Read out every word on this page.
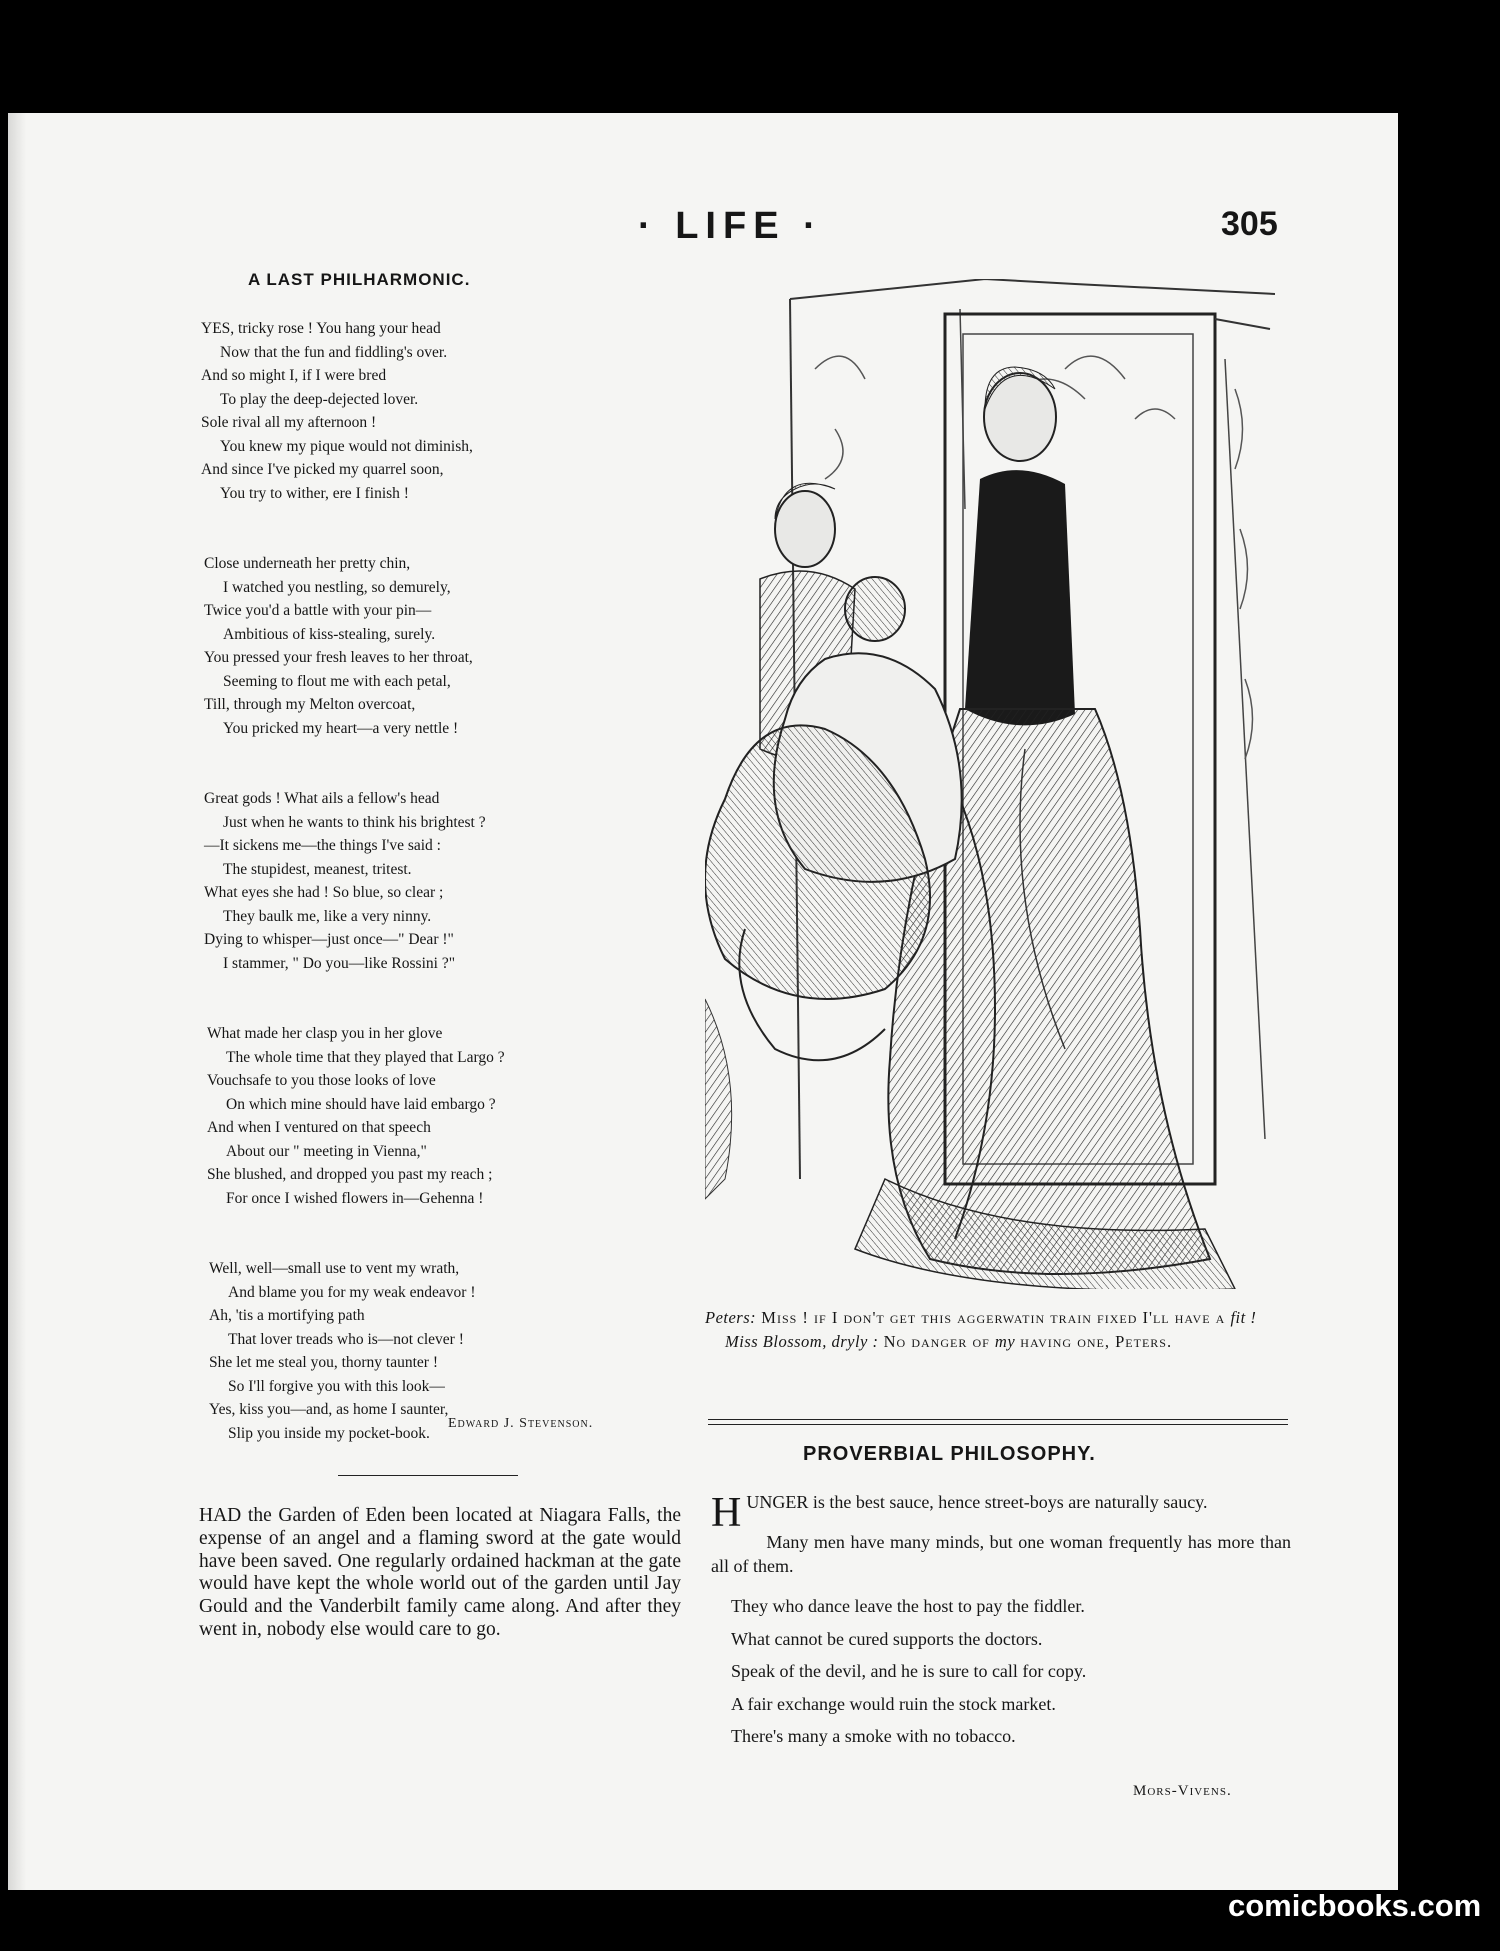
· LIFE ·	305
A LAST PHILHARMONIC.
YES, tricky rose ! You hang your head
Now that the fun and fiddling's over.
And so might I, if I were bred
To play the deep-dejected lover.
Sole rival all my afternoon !
You knew my pique would not diminish,
And since I've picked my quarrel soon,
You try to wither, ere I finish !
Close underneath her pretty chin,
I watched you nestling, so demurely,
Twice you'd a battle with your pin—
Ambitious of kiss-stealing, surely.
You pressed your fresh leaves to her throat,
Seeming to flout me with each petal,
Till, through my Melton overcoat,
You pricked my heart—a very nettle !
Great gods ! What ails a fellow's head
Just when he wants to think his brightest ?
—It sickens me—the things I've said :
The stupidest, meanest, tritest.
What eyes she had ! So blue, so clear ;
They baulk me, like a very ninny.
Dying to whisper—just once—" Dear !"
I stammer, " Do you—like Rossini ?"
What made her clasp you in her glove
The whole time that they played that Largo ?
Vouchsafe to you those looks of love
On which mine should have laid embargo ?
And when I ventured on that speech
About our " meeting in Vienna,"
She blushed, and dropped you past my reach ;
For once I wished flowers in—Gehenna !
Well, well—small use to vent my wrath,
And blame you for my weak endeavor !
Ah, 'tis a mortifying path
That lover treads who is—not clever !
She let me steal you, thorny taunter !
So I'll forgive you with this look—
Yes, kiss you—and, as home I saunter,
Slip you inside my pocket-book.
Edward J. Stevenson.
HAD the Garden of Eden been located at Niagara Falls, the expense of an angel and a flaming sword at the gate would have been saved. One regularly ordained hackman at the gate would have kept the whole world out of the garden until Jay Gould and the Vanderbilt family came along. And after they went in, nobody else would care to go.
Peters: Miss ! if I don't get this aggerwatin train fixed I'll have a fit !
Miss Blossom, dryly : No danger of my having one, Peters.
PROVERBIAL PHILOSOPHY.

HUNGER is the best sauce, hence street-boys are naturally saucy.

Many men have many minds, but one woman frequently has more than all of them.

They who dance leave the host to pay the fiddler.

What cannot be cured supports the doctors.

Speak of the devil, and he is sure to call for copy.

A fair exchange would ruin the stock market.

There's many a smoke with no tobacco.

Mors-Vivens.
comicbooks.com
